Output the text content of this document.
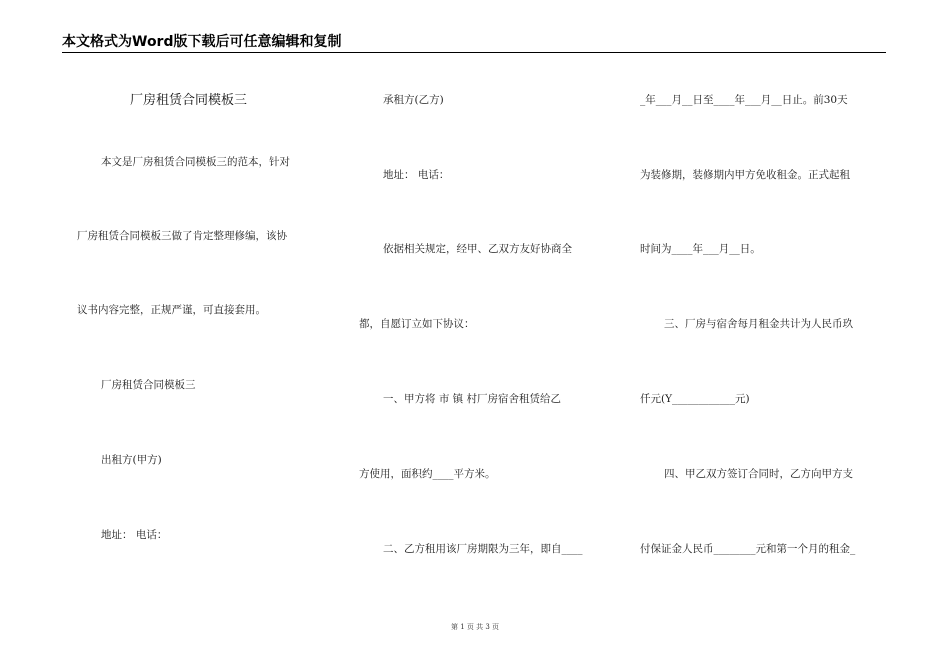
本文格式为Word版下载后可任意编辑和复制
厂房租赁合同模板三
本文是厂房租赁合同模板三的范本，针对
厂房租赁合同模板三做了肯定整理修编，该协
议书内容完整，正规严谨，可直接套用。
厂房租赁合同模板三
出租方(甲方)
地址： 电话：
承租方(乙方)
地址： 电话：
依据相关规定，经甲、乙双方友好协商全
都，自愿订立如下协议：
一、甲方将 市 镇 村厂房宿舍租赁给乙
方使用，面积约____平方米。
二、乙方租用该厂房期限为三年，即自____
_年___月__日至____年___月__日止。前30天
为装修期，装修期内甲方免收租金。正式起租
时间为____年___月__日。
三、厂房与宿舍每月租金共计为人民币玖
仟元(Y____________元)
四、甲乙双方签订合同时，乙方向甲方支
付保证金人民币________元和第一个月的租金_
第 1 页 共 3 页
